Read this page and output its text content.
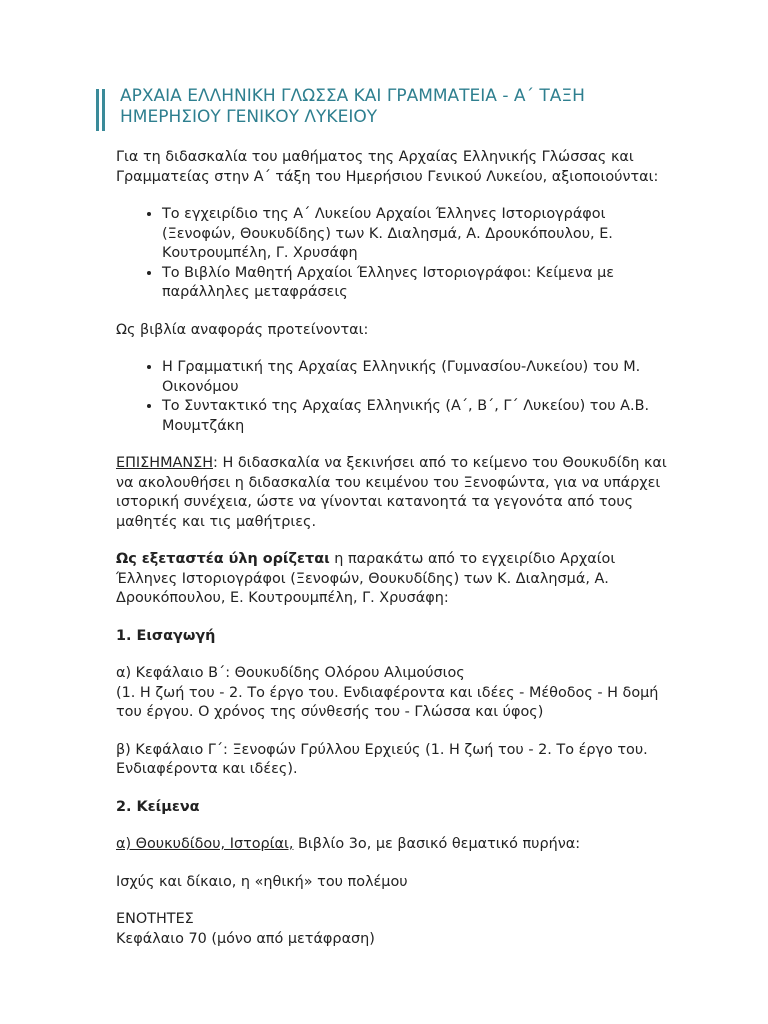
ΑΡΧΑΙΑ ΕΛΛΗΝΙΚΗ ΓΛΩΣΣΑ ΚΑΙ ΓΡΑΜΜΑΤΕΙΑ - Α΄ ΤΑΞΗ
ΗΜΕΡΗΣΙΟΥ ΓΕΝΙΚΟΥ ΛΥΚΕΙΟΥ

Για τη διδασκαλία του μαθήματος της Αρχαίας Ελληνικής Γλώσσας και Γραμματείας στην Α΄ τάξη του Ημερήσιου Γενικού Λυκείου, αξιοποιούνται:

• Το εγχειρίδιο της Α΄ Λυκείου Αρχαίοι Έλληνες Ιστοριογράφοι (Ξενοφών, Θουκυδίδης) των Κ. Διαλησμά, Α. Δρουκόπουλου, Ε. Κουτρουμπέλη, Γ. Χρυσάφη
• Το Βιβλίο Μαθητή Αρχαίοι Έλληνες Ιστοριογράφοι: Κείμενα με παράλληλες μεταφράσεις

Ως βιβλία αναφοράς προτείνονται:

• Η Γραμματική της Αρχαίας Ελληνικής (Γυμνασίου-Λυκείου) του Μ. Οικονόμου
• Το Συντακτικό της Αρχαίας Ελληνικής (Α΄, Β΄, Γ΄ Λυκείου) του Α.Β. Μουμτζάκη

ΕΠΙΣΗΜΑΝΣΗ: Η διδασκαλία να ξεκινήσει από το κείμενο του Θουκυδίδη και να ακολουθήσει η διδασκαλία του κειμένου του Ξενοφώντα, για να υπάρχει ιστορική συνέχεια, ώστε να γίνονται κατανοητά τα γεγονότα από τους μαθητές και τις μαθήτριες.

Ως εξεταστέα ύλη ορίζεται η παρακάτω από το εγχειρίδιο Αρχαίοι Έλληνες Ιστοριογράφοι (Ξενοφών, Θουκυδίδης) των Κ. Διαλησμά, Α. Δρουκόπουλου, Ε. Κουτρουμπέλη, Γ. Χρυσάφη:

1. Εισαγωγή

α) Κεφάλαιο Β΄: Θουκυδίδης Ολόρου Αλιμούσιος
(1. Η ζωή του - 2. Το έργο του. Ενδιαφέροντα και ιδέες - Μέθοδος - Η δομή του έργου. Ο χρόνος της σύνθεσής του - Γλώσσα και ύφος)

β) Κεφάλαιο Γ΄: Ξενοφών Γρύλλου Ερχιεύς (1. Η ζωή του - 2. Το έργο του. Ενδιαφέροντα και ιδέες).

2. Κείμενα

α) Θουκυδίδου, Ιστορίαι, Βιβλίο 3ο, με βασικό θεματικό πυρήνα:

Ισχύς και δίκαιο, η «ηθική» του πολέμου

ΕΝΟΤΗΤΕΣ
Κεφάλαιο 70 (μόνο από μετάφραση)
